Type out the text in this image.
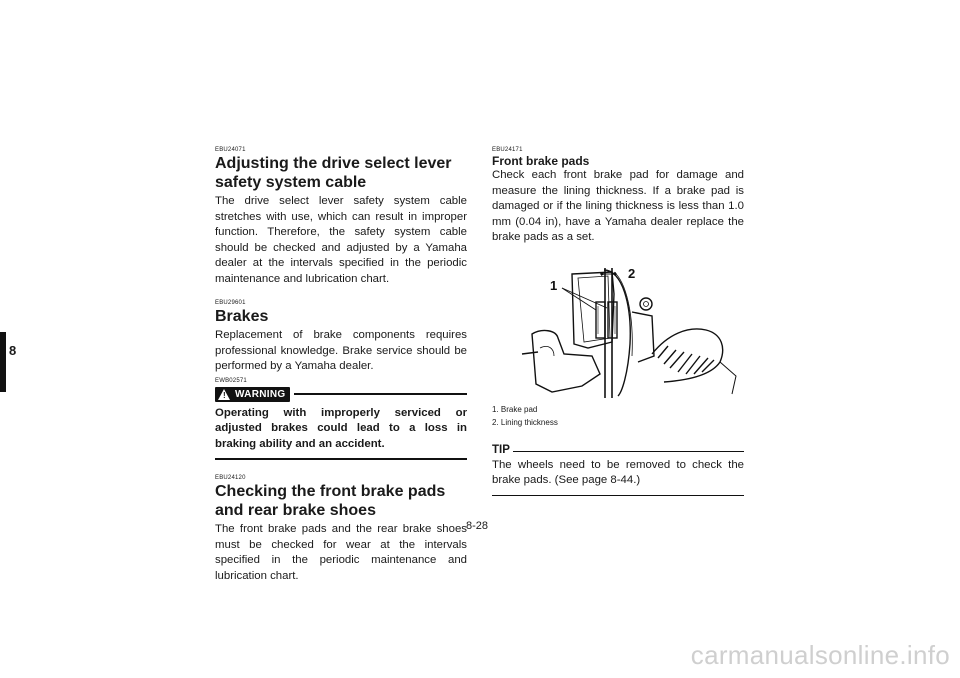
8

EBU24071

Adjusting the drive select lever safety system cable

The drive select lever safety system cable stretches with use, which can result in improper function. Therefore, the safety system cable should be checked and adjusted by a Yamaha dealer at the intervals specified in the periodic maintenance and lubrication chart.

EBU29601

Brakes

Replacement of brake components requires professional knowledge. Brake service should be performed by a Yamaha dealer.

EWB02571

! WARNING

Operating with improperly serviced or adjusted brakes could lead to a loss in braking ability and an accident.

EBU24120

Checking the front brake pads and rear brake shoes

The front brake pads and the rear brake shoes must be checked for wear at the intervals specified in the periodic maintenance and lubrication chart.

EBU24171

Front brake pads

Check each front brake pad for damage and measure the lining thickness. If a brake pad is damaged or if the lining thickness is less than 1.0 mm (0.04 in), have a Yamaha dealer replace the brake pads as a set.

1
2
1. Brake pad
2. Lining thickness
TIP

The wheels need to be removed to check the brake pads. (See page 8-44.)

8-28
carmanualsonline.info
